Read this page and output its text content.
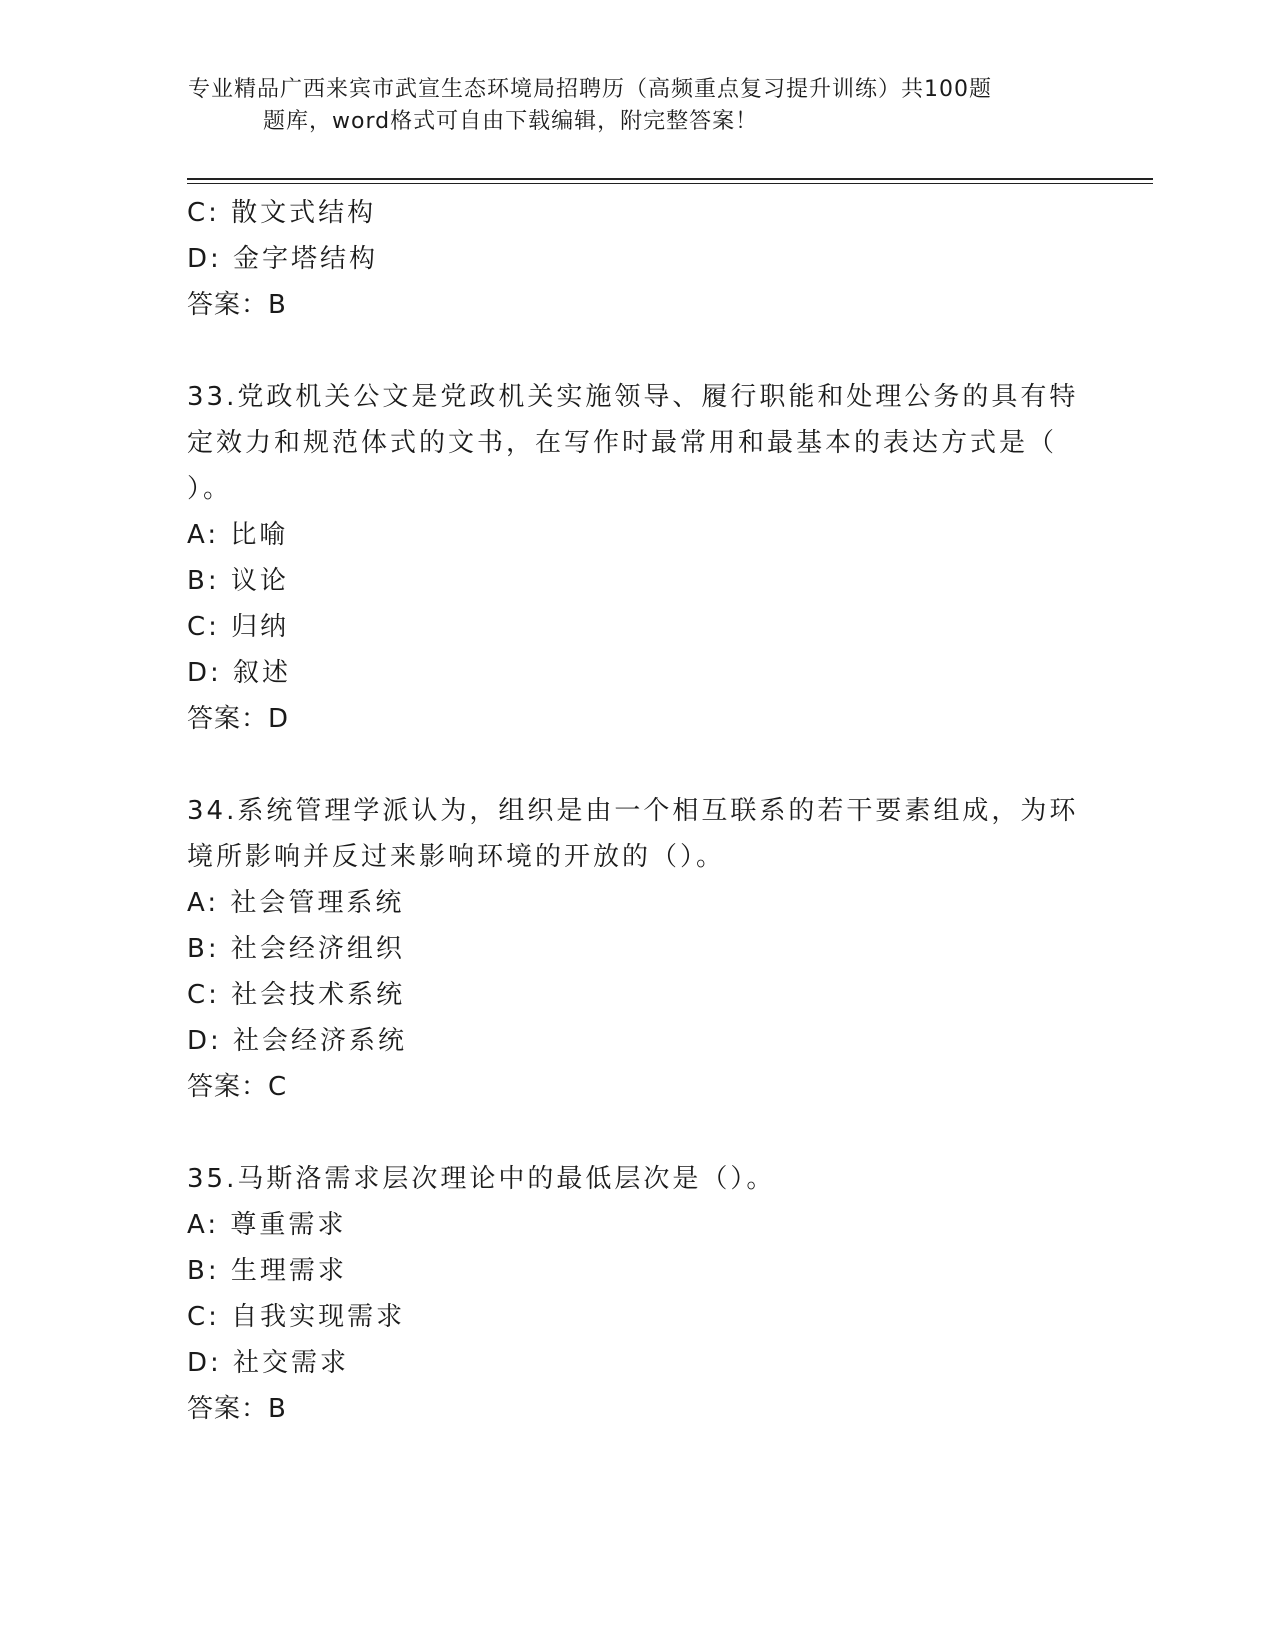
专业精品广西来宾市武宣生态环境局招聘历（高频重点复习提升训练）共100题
题库，word格式可自由下载编辑，附完整答案！
C: 散文式结构
D: 金字塔结构
答案：B
33.党政机关公文是党政机关实施领导、履行职能和处理公务的具有特
定效力和规范体式的文书，在写作时最常用和最基本的表达方式是（
）。
A: 比喻
B: 议论
C: 归纳
D: 叙述
答案：D
34.系统管理学派认为，组织是由一个相互联系的若干要素组成，为环
境所影响并反过来影响环境的开放的（）。
A: 社会管理系统
B: 社会经济组织
C: 社会技术系统
D: 社会经济系统
答案：C
35.马斯洛需求层次理论中的最低层次是（）。
A: 尊重需求
B: 生理需求
C: 自我实现需求
D: 社交需求
答案：B
